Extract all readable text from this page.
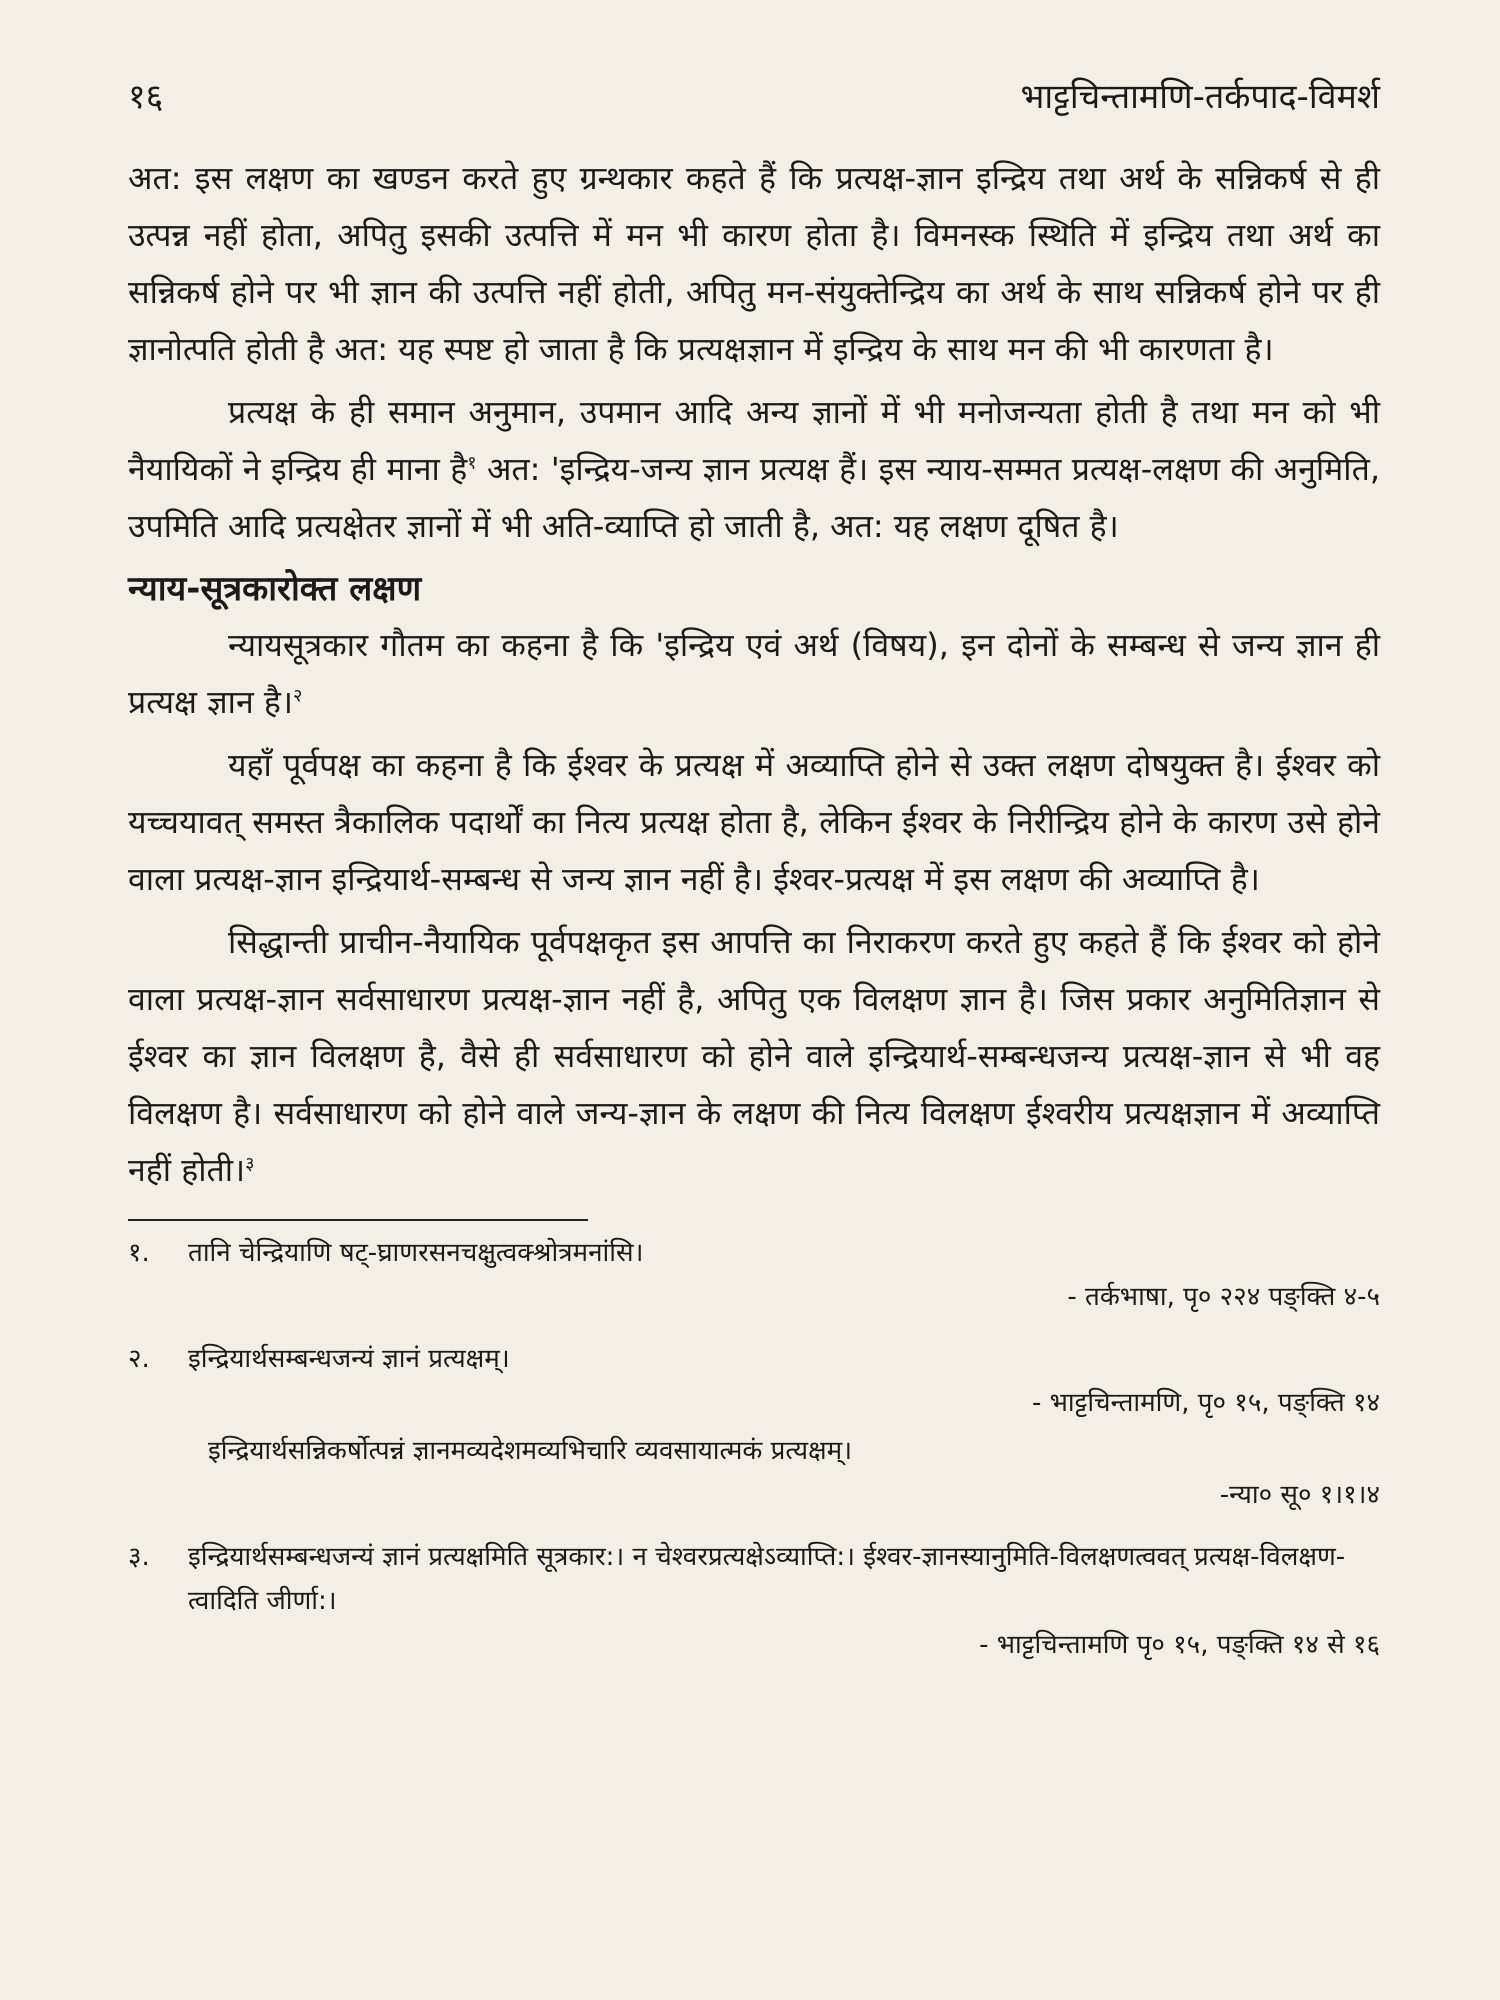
१६	भाट्टचिन्तामणि-तर्कपाद-विमर्श

अत: इस लक्षण का खण्डन करते हुए ग्रन्थकार कहते हैं कि प्रत्यक्ष-ज्ञान इन्द्रिय तथा अर्थ के सन्निकर्ष से ही उत्पन्न नहीं होता, अपितु इसकी उत्पत्ति में मन भी कारण होता है। विमनस्क स्थिति में इन्द्रिय तथा अर्थ का सन्निकर्ष होने पर भी ज्ञान की उत्पत्ति नहीं होती, अपितु मन-संयुक्तेन्द्रिय का अर्थ के साथ सन्निकर्ष होने पर ही ज्ञानोत्पति होती है अत: यह स्पष्ट हो जाता है कि प्रत्यक्षज्ञान में इन्द्रिय के साथ मन की भी कारणता है।

प्रत्यक्ष के ही समान अनुमान, उपमान आदि अन्य ज्ञानों में भी मनोजन्यता होती है तथा मन को भी नैयायिकों ने इन्द्रिय ही माना है$^१$ अत: 'इन्द्रिय-जन्य ज्ञान प्रत्यक्ष हैं। इस न्याय-सम्मत प्रत्यक्ष-लक्षण की अनुमिति, उपमिति आदि प्रत्यक्षेतर ज्ञानों में भी अति-व्याप्ति हो जाती है, अत: यह लक्षण दूषित है।

न्याय-सूत्रकारोक्त लक्षण

न्यायसूत्रकार गौतम का कहना है कि 'इन्द्रिय एवं अर्थ (विषय), इन दोनों के सम्बन्ध से जन्य ज्ञान ही प्रत्यक्ष ज्ञान है।$^२$

यहाँ पूर्वपक्ष का कहना है कि ईश्वर के प्रत्यक्ष में अव्याप्ति होने से उक्त लक्षण दोषयुक्त है। ईश्वर को यच्चयावत् समस्त त्रैकालिक पदार्थों का नित्य प्रत्यक्ष होता है, लेकिन ईश्वर के निरीन्द्रिय होने के कारण उसे होने वाला प्रत्यक्ष-ज्ञान इन्द्रियार्थ-सम्बन्ध से जन्य ज्ञान नहीं है। ईश्वर-प्रत्यक्ष में इस लक्षण की अव्याप्ति है।

सिद्धान्ती प्राचीन-नैयायिक पूर्वपक्षकृत इस आपत्ति का निराकरण करते हुए कहते हैं कि ईश्वर को होने वाला प्रत्यक्ष-ज्ञान सर्वसाधारण प्रत्यक्ष-ज्ञान नहीं है, अपितु एक विलक्षण ज्ञान है। जिस प्रकार अनुमितिज्ञान से ईश्वर का ज्ञान विलक्षण है, वैसे ही सर्वसाधारण को होने वाले इन्द्रियार्थ-सम्बन्धजन्य प्रत्यक्ष-ज्ञान से भी वह विलक्षण है। सर्वसाधारण को होने वाले जन्य-ज्ञान के लक्षण की नित्य विलक्षण ईश्वरीय प्रत्यक्षज्ञान में अव्याप्ति नहीं होती।$^३$

१.	तानि चेन्द्रियाणि षट्-घ्राणरसनचक्षुत्वक्श्रोत्रमनांसि।
- तर्कभाषा, पृ० २२४ पङ्क्ति ४-५
२.	इन्द्रियार्थसम्बन्धजन्यं ज्ञानं प्रत्यक्षम्।
- भाट्टचिन्तामणि, पृ० १५, पङ्क्ति १४
इन्द्रियार्थसन्निकर्षोत्पन्नं ज्ञानमव्यदेशमव्यभिचारि व्यवसायात्मकं प्रत्यक्षम्।
-न्या० सू० १।१।४
३.	इन्द्रियार्थसम्बन्धजन्यं ज्ञानं प्रत्यक्षमिति सूत्रकार:। न चेश्वरप्रत्यक्षेऽव्याप्ति:। ईश्वर-ज्ञानस्यानुमिति-विलक्षणत्ववत् प्रत्यक्ष-विलक्षण-त्वादिति जीर्णा:।
- भाट्टचिन्तामणि पृ० १५, पङ्क्ति १४ से १६
